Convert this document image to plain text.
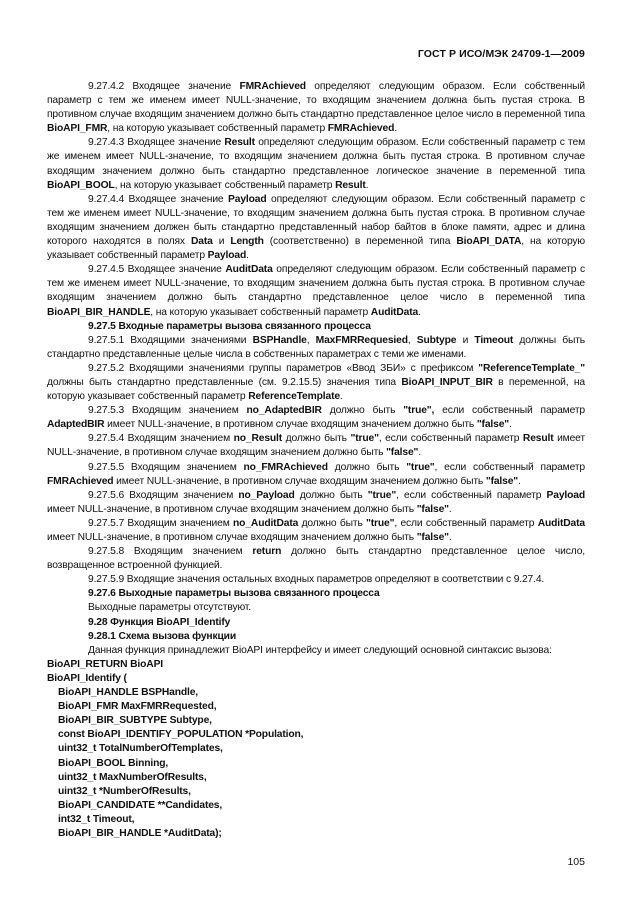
ГОСТ Р ИСО/МЭК 24709-1—2009

9.27.4.2 Входящее значение FMRAchieved определяют следующим образом. Если собственный параметр с тем же именем имеет NULL-значение, то входящим значением должна быть пустая строка. В противном случае входящим значением должно быть стандартно представленное целое число в переменной типа BioAPI_FMR, на которую указывает собственный параметр FMRAchieved.

9.27.4.3 Входящее значение Result определяют следующим образом. Если собственный параметр с тем же именем имеет NULL-значение, то входящим значением должна быть пустая строка. В противном случае входящим значением должно быть стандартно представленное логическое значение в переменной типа BioAPI_BOOL, на которую указывает собственный параметр Result.

9.27.4.4 Входящее значение Payload определяют следующим образом. Если собственный параметр с тем же именем имеет NULL-значение, то входящим значением должна быть пустая строка. В противном случае входящим значением должен быть стандартно представленный набор байтов в блоке памяти, адрес и длина которого находятся в полях Data и Length (соответственно) в переменной типа BioAPI_DATA, на которую указывает собственный параметр Payload.

9.27.4.5 Входящее значение AuditData определяют следующим образом. Если собственный параметр с тем же именем имеет NULL-значение, то входящим значением должна быть пустая строка. В противном случае входящим значением должно быть стандартно представленное целое число в переменной типа BioAPI_BIR_HANDLE, на которую указывает собственный параметр AuditData.

9.27.5 Входные параметры вызова связанного процесса

9.27.5.1 Входящими значениями BSPHandle, MaxFMRRequesied, Subtype и Timeout должны быть стандартно представленные целые числа в собственных параметрах с теми же именами.

9.27.5.2 Входящими значениями группы параметров «Ввод ЗБИ» с префиксом "ReferenceTemplate_" должны быть стандартно представленные (см. 9.2.15.5) значения типа BioAPI_INPUT_BIR в переменной, на которую указывает собственный параметр ReferenceTemplate.

9.27.5.3 Входящим значением no_AdaptedBIR должно быть "true", если собственный параметр AdaptedBIR имеет NULL-значение, в противном случае входящим значением должно быть "false".

9.27.5.4 Входящим значением no_Result должно быть "true", если собственный параметр Result имеет NULL-значение, в противном случае входящим значением должно быть "false".

9.27.5.5 Входящим значением no_FMRAchieved должно быть "true", если собственный параметр FMRAchieved имеет NULL-значение, в противном случае входящим значением должно быть "false".

9.27.5.6 Входящим значением no_Payload должно быть "true", если собственный параметр Payload имеет NULL-значение, в противном случае входящим значением должно быть "false".

9.27.5.7 Входящим значением no_AuditData должно быть "true", если собственный параметр AuditData имеет NULL-значение, в противном случае входящим значением должно быть "false".

9.27.5.8 Входящим значением return должно быть стандартно представленное целое число, возвращенное встроенной функцией.

9.27.5.9 Входящие значения остальных входных параметров определяют в соответствии с 9.27.4.

9.27.6 Выходные параметры вызова связанного процесса

Выходные параметры отсутствуют.

9.28 Функция BioAPI_Identify

9.28.1 Схема вызова функции

Данная функция принадлежит BioAPI интерфейсу и имеет следующий основной синтаксис вызова:

BioAPI_RETURN BioAPI
BioAPI_Identify (
BioAPI_HANDLE BSPHandle,
BioAPI_FMR MaxFMRRequested,
BioAPI_BIR_SUBTYPE Subtype,
const BioAPI_IDENTIFY_POPULATION *Population,
uint32_t TotalNumberOfTemplates,
BioAPI_BOOL Binning,
uint32_t MaxNumberOfResults,
uint32_t *NumberOfResults,
BioAPI_CANDIDATE **Candidates,
int32_t Timeout,
BioAPI_BIR_HANDLE *AuditData);
105
